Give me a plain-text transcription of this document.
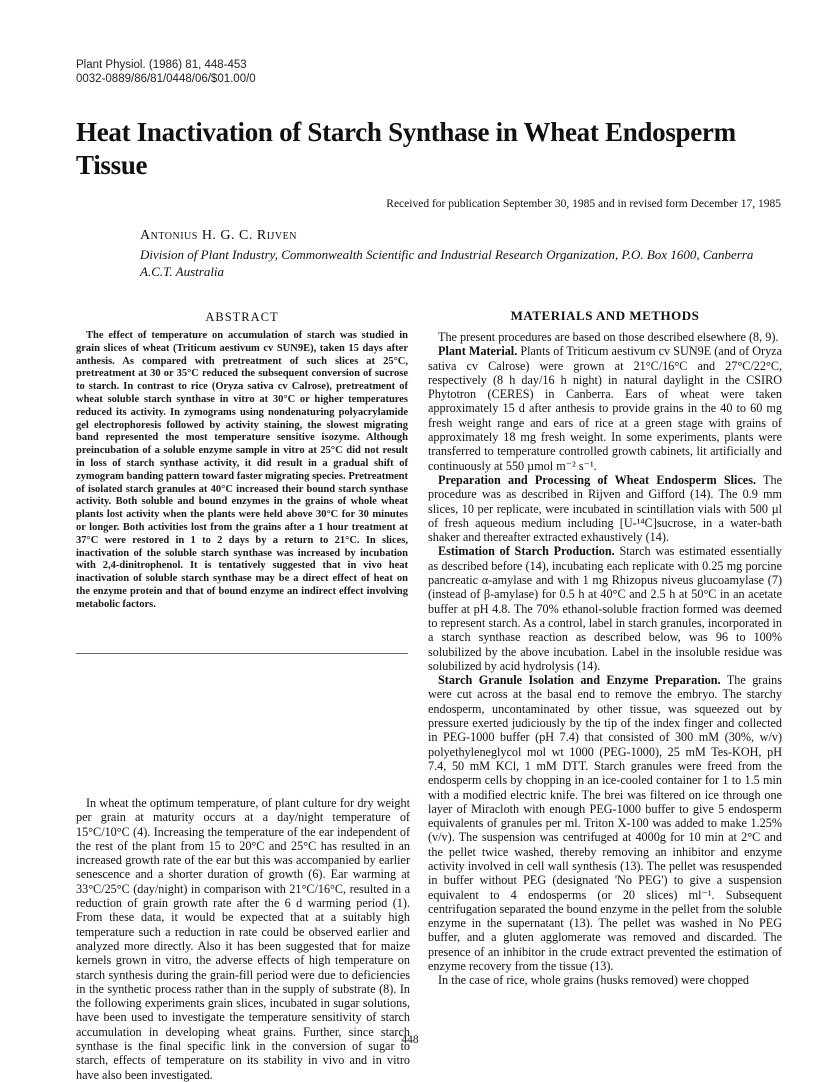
Plant Physiol. (1986) 81, 448-453
0032-0889/86/81/0448/06/$01.00/0
Heat Inactivation of Starch Synthase in Wheat Endosperm Tissue
Received for publication September 30, 1985 and in revised form December 17, 1985
Antonius H. G. C. Rijven
Division of Plant Industry, Commonwealth Scientific and Industrial Research Organization, P.O. Box 1600, Canberra A.C.T. Australia
ABSTRACT
The effect of temperature on accumulation of starch was studied in grain slices of wheat (Triticum aestivum cv SUN9E), taken 15 days after anthesis. As compared with pretreatment of such slices at 25°C, pretreatment at 30 or 35°C reduced the subsequent conversion of sucrose to starch. In contrast to rice (Oryza sativa cv Calrose), pretreatment of wheat soluble starch synthase in vitro at 30°C or higher temperatures reduced its activity. In zymograms using nondenaturing polyacrylamide gel electrophoresis followed by activity staining, the slowest migrating band represented the most temperature sensitive isozyme. Although preincubation of a soluble enzyme sample in vitro at 25°C did not result in loss of starch synthase activity, it did result in a gradual shift of zymogram banding pattern toward faster migrating species. Pretreatment of isolated starch granules at 40°C increased their bound starch synthase activity. Both soluble and bound enzymes in the grains of whole wheat plants lost activity when the plants were held above 30°C for 30 minutes or longer. Both activities lost from the grains after a 1 hour treatment at 37°C were restored in 1 to 2 days by a return to 21°C. In slices, inactivation of the soluble starch synthase was increased by incubation with 2,4-dinitrophenol. It is tentatively suggested that in vivo heat inactivation of soluble starch synthase may be a direct effect of heat on the enzyme protein and that of bound enzyme an indirect effect involving metabolic factors.
In wheat the optimum temperature, of plant culture for dry weight per grain at maturity occurs at a day/night temperature of 15°C/10°C (4). Increasing the temperature of the ear independent of the rest of the plant from 15 to 20°C and 25°C has resulted in an increased growth rate of the ear but this was accompanied by earlier senescence and a shorter duration of growth (6). Ear warming at 33°C/25°C (day/night) in comparison with 21°C/16°C, resulted in a reduction of grain growth rate after the 6 d warming period (1). From these data, it would be expected that at a suitably high temperature such a reduction in rate could be observed earlier and analyzed more directly. Also it has been suggested that for maize kernels grown in vitro, the adverse effects of high temperature on starch synthesis during the grain-fill period were due to deficiencies in the synthetic process rather than in the supply of substrate (8). In the following experiments grain slices, incubated in sugar solutions, have been used to investigate the temperature sensitivity of starch accumulation in developing wheat grains. Further, since starch synthase is the final specific link in the conversion of sugar to starch, effects of temperature on its stability in vivo and in vitro have also been investigated.
MATERIALS AND METHODS

The present procedures are based on those described elsewhere (8, 9).

Plant Material. Plants of Triticum aestivum cv SUN9E (and of Oryza sativa cv Calrose) were grown at 21°C/16°C and 27°C/22°C, respectively (8 h day/16 h night) in natural daylight in the CSIRO Phytotron (CERES) in Canberra. Ears of wheat were taken approximately 15 d after anthesis to provide grains in the 40 to 60 mg fresh weight range and ears of rice at a green stage with grains of approximately 18 mg fresh weight. In some experiments, plants were transferred to temperature controlled growth cabinets, lit artificially and continuously at 550 µmol m⁻² s⁻¹.

Preparation and Processing of Wheat Endosperm Slices. The procedure was as described in Rijven and Gifford (14). The 0.9 mm slices, 10 per replicate, were incubated in scintillation vials with 500 µl of fresh aqueous medium including [U-¹⁴C]sucrose, in a water-bath shaker and thereafter extracted exhaustively (14).

Estimation of Starch Production. Starch was estimated essentially as described before (14), incubating each replicate with 0.25 mg porcine pancreatic α-amylase and with 1 mg Rhizopus niveus glucoamylase (7) (instead of β-amylase) for 0.5 h at 40°C and 2.5 h at 50°C in an acetate buffer at pH 4.8. The 70% ethanol-soluble fraction formed was deemed to represent starch. As a control, label in starch granules, incorporated in a starch synthase reaction as described below, was 96 to 100% solubilized by the above incubation. Label in the insoluble residue was solubilized by acid hydrolysis (14).

Starch Granule Isolation and Enzyme Preparation. The grains were cut across at the basal end to remove the embryo. The starchy endosperm, uncontaminated by other tissue, was squeezed out by pressure exerted judiciously by the tip of the index finger and collected in PEG-1000 buffer (pH 7.4) that consisted of 300 mM (30%, w/v) polyethyleneglycol mol wt 1000 (PEG-1000), 25 mM Tes-KOH, pH 7.4, 50 mM KCl, 1 mM DTT. Starch granules were freed from the endosperm cells by chopping in an ice-cooled container for 1 to 1.5 min with a modified electric knife. The brei was filtered on ice through one layer of Miracloth with enough PEG-1000 buffer to give 5 endosperm equivalents of granules per ml. Triton X-100 was added to make 1.25% (v/v). The suspension was centrifuged at 4000g for 10 min at 2°C and the pellet twice washed, thereby removing an inhibitor and enzyme activity involved in cell wall synthesis (13). The pellet was resuspended in buffer without PEG (designated 'No PEG') to give a suspension equivalent to 4 endosperms (or 20 slices) ml⁻¹. Subsequent centrifugation separated the bound enzyme in the pellet from the soluble enzyme in the supernatant (13). The pellet was washed in No PEG buffer, and a gluten agglomerate was removed and discarded. The presence of an inhibitor in the crude extract prevented the estimation of enzyme recovery from the tissue (13).

In the case of rice, whole grains (husks removed) were chopped

448
